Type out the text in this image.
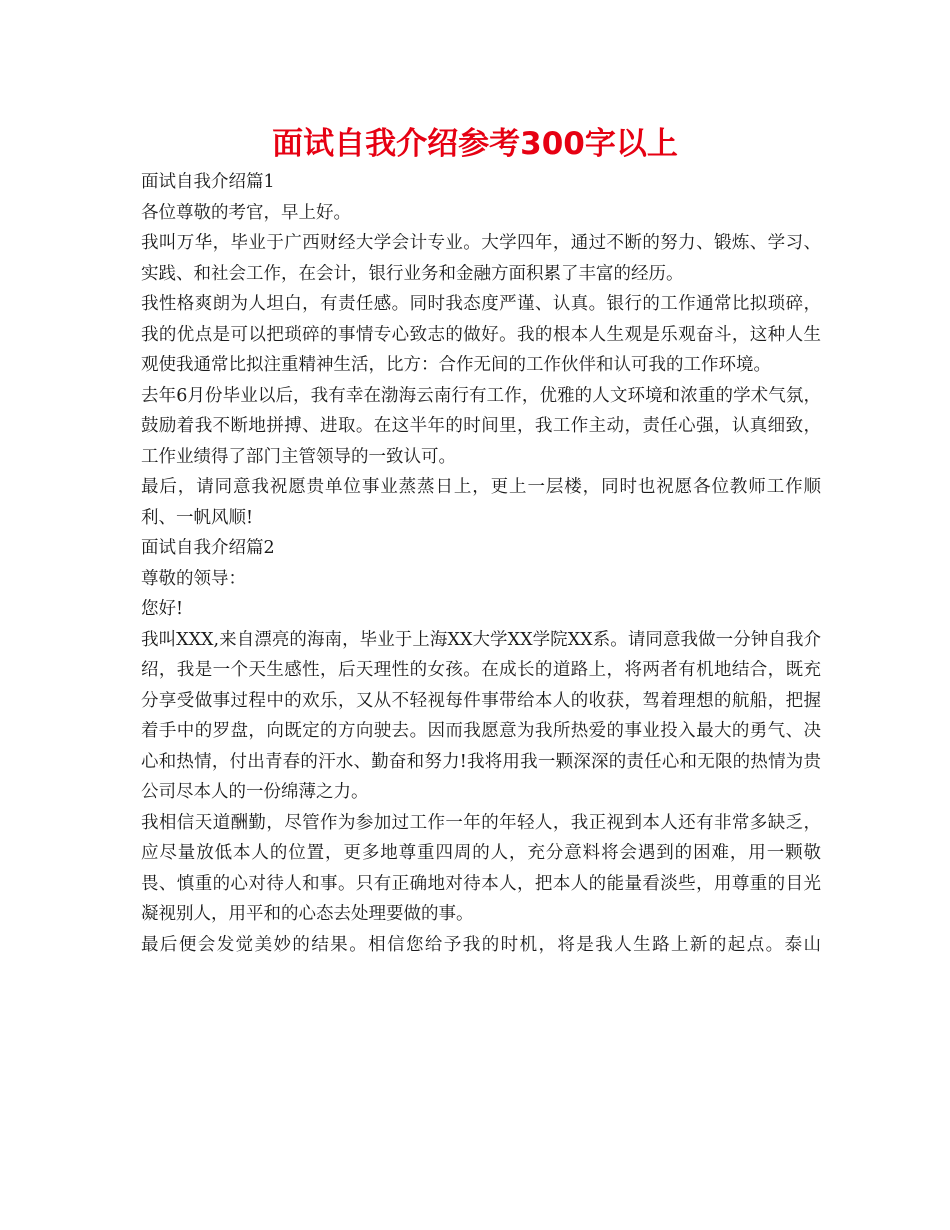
面试自我介绍参考300字以上

面试自我介绍篇1

各位尊敬的考官，早上好。

我叫万华，毕业于广西财经大学会计专业。大学四年，通过不断的努力、锻炼、学习、实践、和社会工作，在会计，银行业务和金融方面积累了丰富的经历。

我性格爽朗为人坦白，有责任感。同时我态度严谨、认真。银行的工作通常比拟琐碎，我的优点是可以把琐碎的事情专心致志的做好。我的根本人生观是乐观奋斗，这种人生观使我通常比拟注重精神生活，比方：合作无间的工作伙伴和认可我的工作环境。

去年6月份毕业以后，我有幸在渤海云南行有工作，优雅的人文环境和浓重的学术气氛，鼓励着我不断地拼搏、进取。在这半年的时间里，我工作主动，责任心强，认真细致，工作业绩得了部门主管领导的一致认可。

最后，请同意我祝愿贵单位事业蒸蒸日上，更上一层楼，同时也祝愿各位教师工作顺利、一帆风顺!

面试自我介绍篇2

尊敬的领导：

您好!

我叫XXX,来自漂亮的海南，毕业于上海XX大学XX学院XX系。请同意我做一分钟自我介绍，我是一个天生感性，后天理性的女孩。在成长的道路上，将两者有机地结合，既充分享受做事过程中的欢乐，又从不轻视每件事带给本人的收获，驾着理想的航船，把握着手中的罗盘，向既定的方向驶去。因而我愿意为我所热爱的事业投入最大的勇气、决心和热情，付出青春的汗水、勤奋和努力!我将用我一颗深深的责任心和无限的热情为贵公司尽本人的一份绵薄之力。

我相信天道酬勤，尽管作为参加过工作一年的年轻人，我正视到本人还有非常多缺乏，应尽量放低本人的位置，更多地尊重四周的人，充分意料将会遇到的困难，用一颗敬畏、慎重的心对待人和事。只有正确地对待本人，把本人的能量看淡些，用尊重的目光凝视别人，用平和的心态去处理要做的事。

最后便会发觉美妙的结果。相信您给予我的时机，将是我人生路上新的起点。泰山
